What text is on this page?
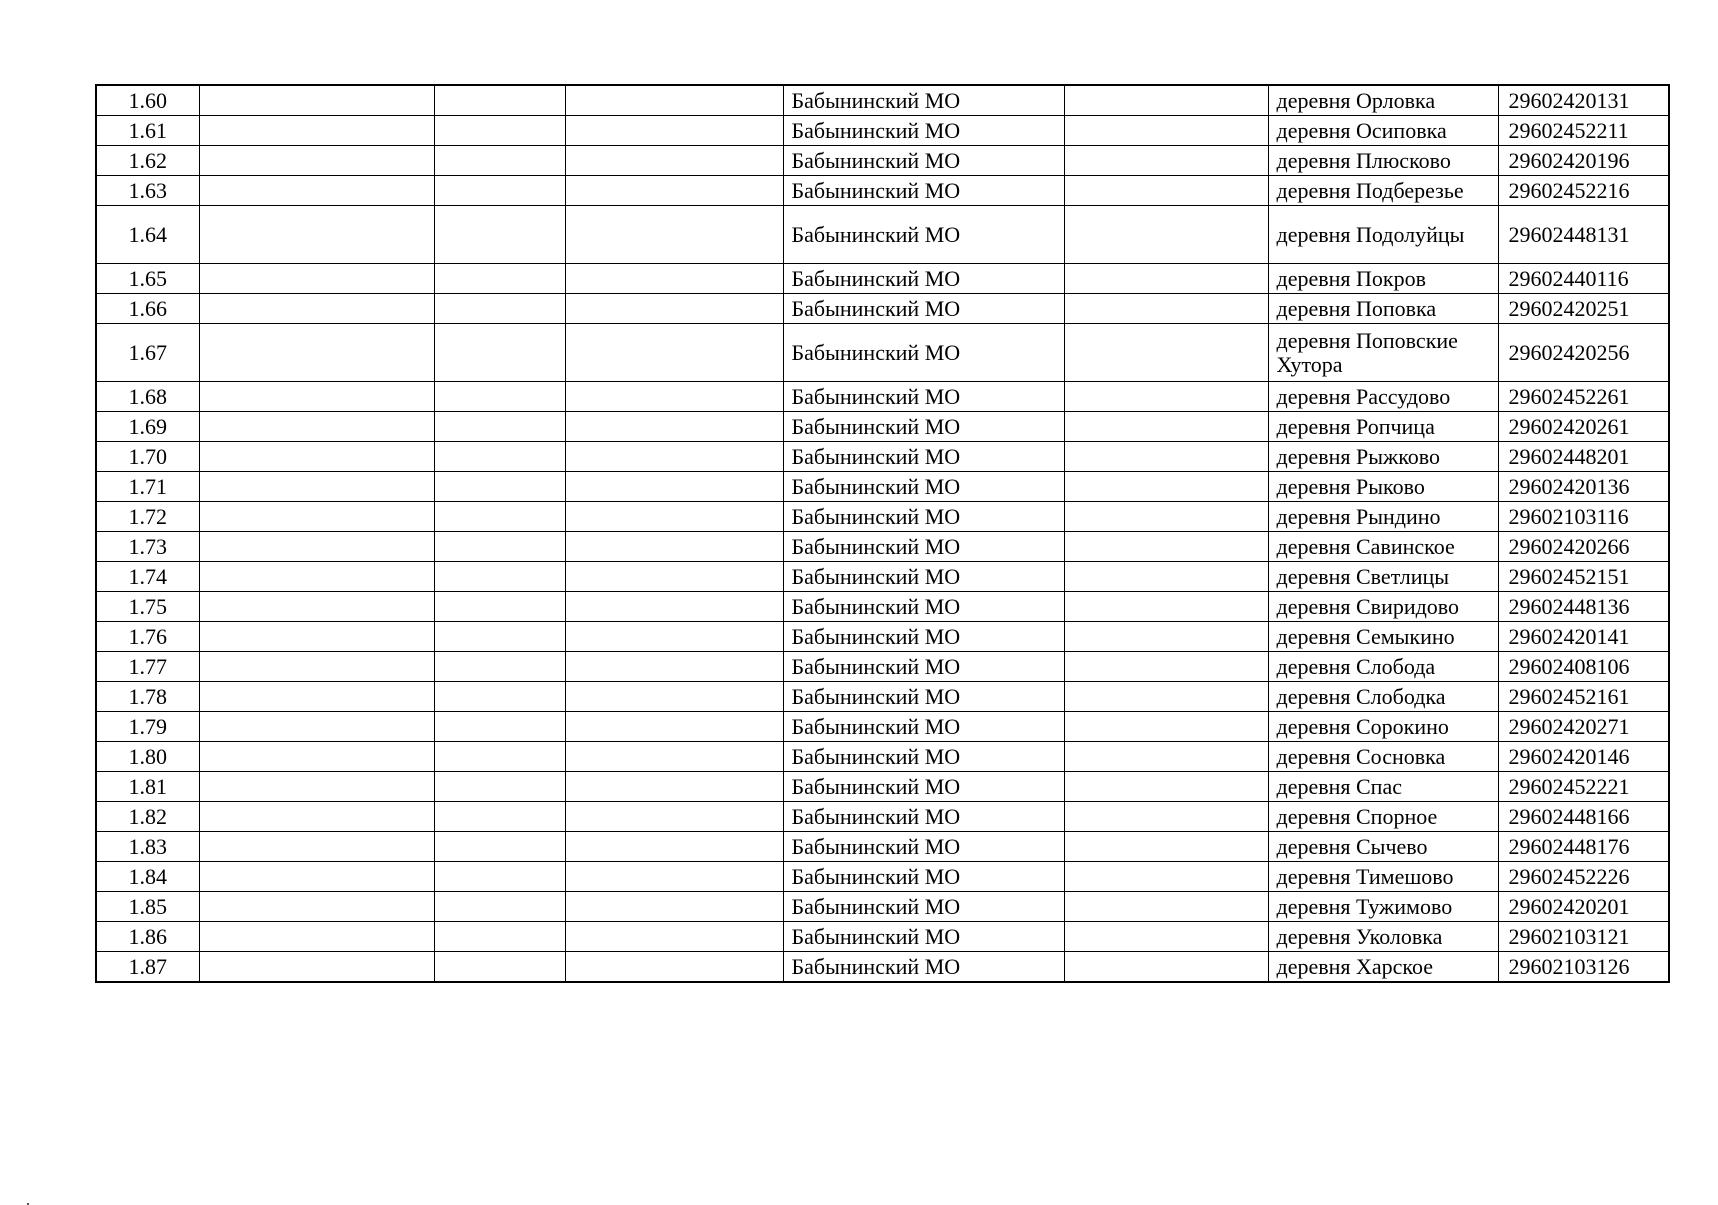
1.60				Бабынинский МО		деревня Орловка	29602420131
1.61				Бабынинский МО		деревня Осиповка	29602452211
1.62				Бабынинский МО		деревня Плюсково	29602420196
1.63				Бабынинский МО		деревня Подберезье	29602452216
1.64				Бабынинский МО		деревня Подолуйцы	29602448131
1.65				Бабынинский МО		деревня Покров	29602440116
1.66				Бабынинский МО		деревня Поповка	29602420251
1.67				Бабынинский МО		деревня Поповские Хутора	29602420256
1.68				Бабынинский МО		деревня Рассудово	29602452261
1.69				Бабынинский МО		деревня Ропчица	29602420261
1.70				Бабынинский МО		деревня Рыжково	29602448201
1.71				Бабынинский МО		деревня Рыково	29602420136
1.72				Бабынинский МО		деревня Рындино	29602103116
1.73				Бабынинский МО		деревня Савинское	29602420266
1.74				Бабынинский МО		деревня Светлицы	29602452151
1.75				Бабынинский МО		деревня Свиридово	29602448136
1.76				Бабынинский МО		деревня Семыкино	29602420141
1.77				Бабынинский МО		деревня Слобода	29602408106
1.78				Бабынинский МО		деревня Слободка	29602452161
1.79				Бабынинский МО		деревня Сорокино	29602420271
1.80				Бабынинский МО		деревня Сосновка	29602420146
1.81				Бабынинский МО		деревня Спас	29602452221
1.82				Бабынинский МО		деревня Спорное	29602448166
1.83				Бабынинский МО		деревня Сычево	29602448176
1.84				Бабынинский МО		деревня Тимешово	29602452226
1.85				Бабынинский МО		деревня Тужимово	29602420201
1.86				Бабынинский МО		деревня Уколовка	29602103121
1.87				Бабынинский МО		деревня Харское	29602103126
